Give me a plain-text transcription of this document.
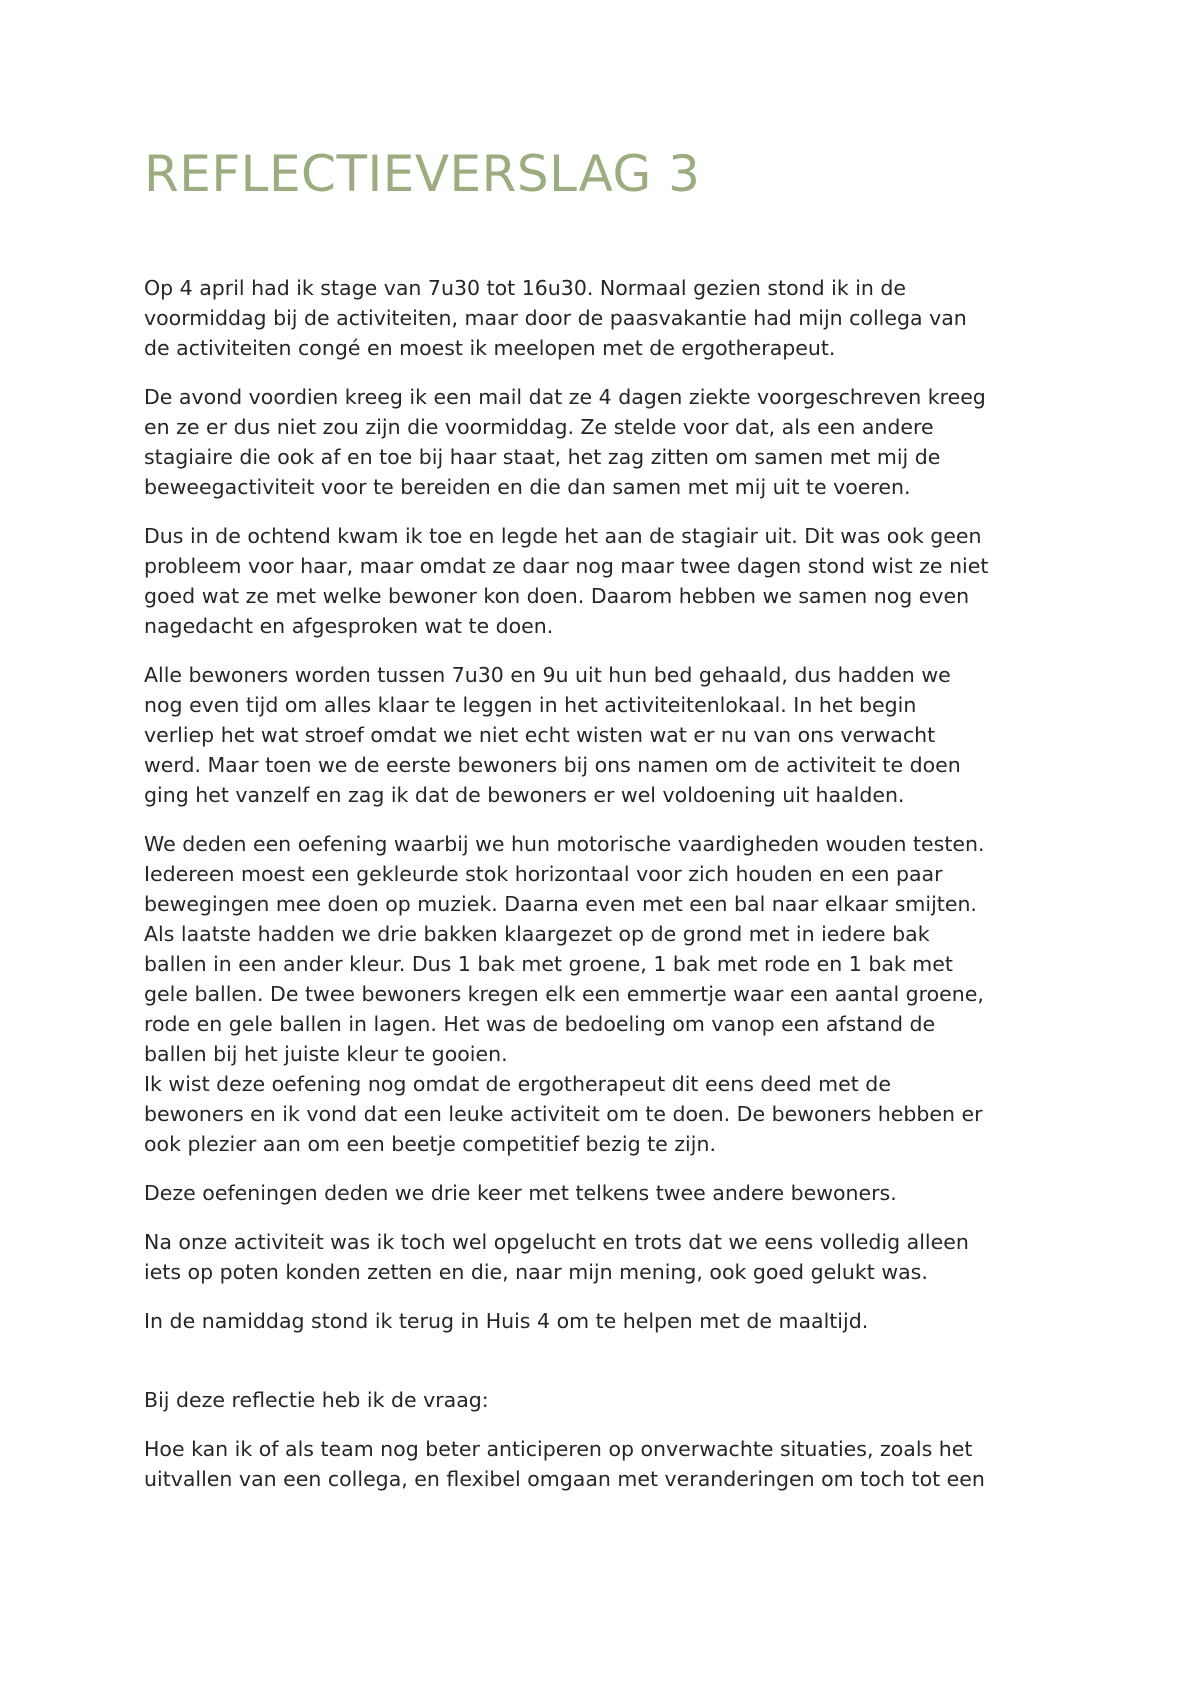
REFLECTIEVERSLAG 3

Op 4 april had ik stage van 7u30 tot 16u30. Normaal gezien stond ik in de
voormiddag bij de activiteiten, maar door de paasvakantie had mijn collega van
de activiteiten congé en moest ik meelopen met de ergotherapeut.

De avond voordien kreeg ik een mail dat ze 4 dagen ziekte voorgeschreven kreeg
en ze er dus niet zou zijn die voormiddag. Ze stelde voor dat, als een andere
stagiaire die ook af en toe bij haar staat, het zag zitten om samen met mij de
beweegactiviteit voor te bereiden en die dan samen met mij uit te voeren.

Dus in de ochtend kwam ik toe en legde het aan de stagiair uit. Dit was ook geen
probleem voor haar, maar omdat ze daar nog maar twee dagen stond wist ze niet
goed wat ze met welke bewoner kon doen. Daarom hebben we samen nog even
nagedacht en afgesproken wat te doen.

Alle bewoners worden tussen 7u30 en 9u uit hun bed gehaald, dus hadden we
nog even tijd om alles klaar te leggen in het activiteitenlokaal. In het begin
verliep het wat stroef omdat we niet echt wisten wat er nu van ons verwacht
werd. Maar toen we de eerste bewoners bij ons namen om de activiteit te doen
ging het vanzelf en zag ik dat de bewoners er wel voldoening uit haalden.

We deden een oefening waarbij we hun motorische vaardigheden wouden testen.
Iedereen moest een gekleurde stok horizontaal voor zich houden en een paar
bewegingen mee doen op muziek. Daarna even met een bal naar elkaar smijten.
Als laatste hadden we drie bakken klaargezet op de grond met in iedere bak
ballen in een ander kleur. Dus 1 bak met groene, 1 bak met rode en 1 bak met
gele ballen. De twee bewoners kregen elk een emmertje waar een aantal groene,
rode en gele ballen in lagen. Het was de bedoeling om vanop een afstand de
ballen bij het juiste kleur te gooien.
Ik wist deze oefening nog omdat de ergotherapeut dit eens deed met de
bewoners en ik vond dat een leuke activiteit om te doen. De bewoners hebben er
ook plezier aan om een beetje competitief bezig te zijn.

Deze oefeningen deden we drie keer met telkens twee andere bewoners.

Na onze activiteit was ik toch wel opgelucht en trots dat we eens volledig alleen
iets op poten konden zetten en die, naar mijn mening, ook goed gelukt was.

In de namiddag stond ik terug in Huis 4 om te helpen met de maaltijd.

Bij deze reflectie heb ik de vraag:

Hoe kan ik of als team nog beter anticiperen op onverwachte situaties, zoals het
uitvallen van een collega, en flexibel omgaan met veranderingen om toch tot een
